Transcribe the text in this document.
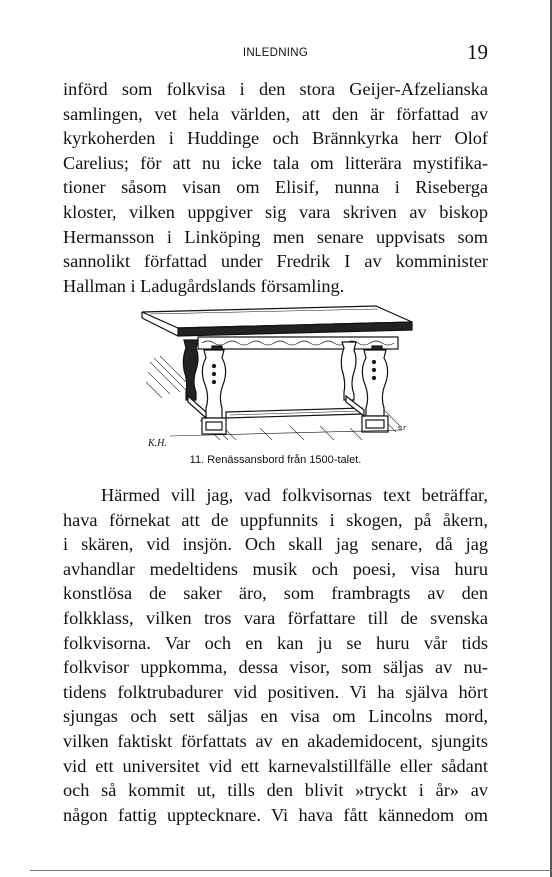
INLEDNING	19
införd som folkvisa i den stora Geijer-Afzelianska
samlingen, vet hela världen, att den är författad av
kyrkoherden i Huddinge och Brännkyrka herr Olof
Carelius; för att nu icke tala om litterära mystifika-
tioner såsom visan om Elisif, nunna i Riseberga
kloster, vilken uppgiver sig vara skriven av biskop
Hermansson i Linköping men senare uppvisats som
sannolikt författad under Fredrik I av komminister
Hallman i Ladugårdslands församling.
K.H.
s.r
11. Renässansbord från 1500-talet.
Härmed vill jag, vad folkvisornas text beträffar,
hava förnekat att de uppfunnits i skogen, på åkern,
i skären, vid insjön. Och skall jag senare, då jag
avhandlar medeltidens musik och poesi, visa huru
konstlösa de saker äro, som frambragts av den
folkklass, vilken tros vara författare till de svenska
folkvisorna. Var och en kan ju se huru vår tids
folkvisor uppkomma, dessa visor, som säljas av nu-
tidens folktrubadurer vid positiven. Vi ha själva hört
sjungas och sett säljas en visa om Lincolns mord,
vilken faktiskt författats av en akademidocent, sjungits
vid ett universitet vid ett karnevalstillfälle eller sådant
och så kommit ut, tills den blivit »tryckt i år» av
någon fattig upptecknare. Vi hava fått kännedom om
